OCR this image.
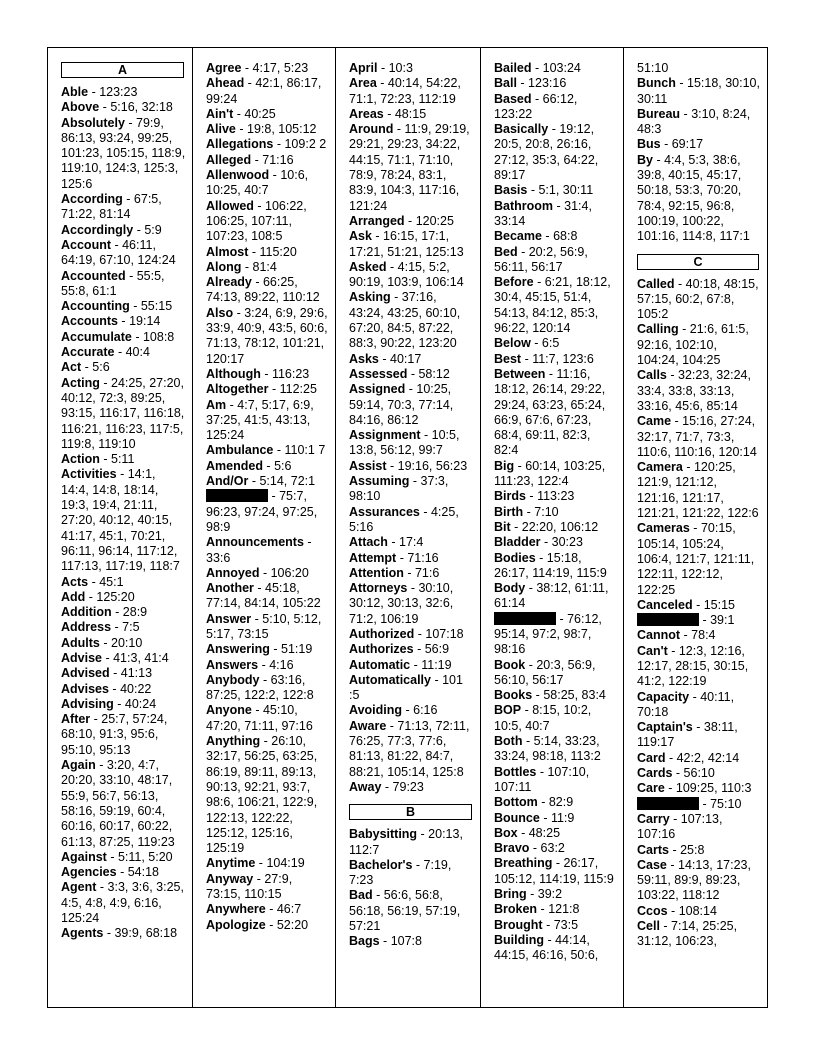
A
Able - 123:23
Above - 5:16, 32:18
Absolutely - 79:9, 86:13, 93:24, 99:25, 101:23, 105:15, 118:9, 119:10, 124:3, 125:3, 125:6
According - 67:5, 71:22, 81:14
Accordingly - 5:9
Account - 46:11, 64:19, 67:10, 124:24
Accounted - 55:5, 55:8, 61:1
Accounting - 55:15
Accounts - 19:14
Accumulate - 108:8
Accurate - 40:4
Act - 5:6
Acting - 24:25, 27:20, 40:12, 72:3, 89:25, 93:15, 116:17, 116:18, 116:21, 116:23, 117:5, 119:8, 119:10
Action - 5:11
Activities - 14:1, 14:4, 14:8, 18:14, 19:3, 19:4, 21:11, 27:20, 40:12, 40:15, 41:17, 45:1, 70:21, 96:11, 96:14, 117:12, 117:13, 117:19, 118:7
Acts - 45:1
Add - 125:20
Addition - 28:9
Address - 7:5
Adults - 20:10
Advise - 41:3, 41:4
Advised - 41:13
Advises - 40:22
Advising - 40:24
After - 25:7, 57:24, 68:10, 91:3, 95:6, 95:10, 95:13
Again - 3:20, 4:7, 20:20, 33:10, 48:17, 55:9, 56:7, 56:13, 58:16, 59:19, 60:4, 60:16, 60:17, 60:22, 61:13, 87:25, 119:23
Against - 5:11, 5:20
Agencies - 54:18
Agent - 3:3, 3:6, 3:25, 4:5, 4:8, 4:9, 6:16, 125:24
Agents - 39:9, 68:18
Agree - 4:17, 5:23
Ahead - 42:1, 86:17, 99:24
Ain't - 40:25
Alive - 19:8, 105:12
Allegations - 109:2 2
Alleged - 71:16
Allenwood - 10:6, 10:25, 40:7
Allowed - 106:22, 106:25, 107:11, 107:23, 108:5
Almost - 115:20
Along - 81:4
Already - 66:25, 74:13, 89:22, 110:12
Also - 3:24, 6:9, 29:6, 33:9, 40:9, 43:5, 60:6, 71:13, 78:12, 101:21, 120:17
Although - 116:23
Altogether - 112:25
Am - 4:7, 5:17, 6:9, 37:25, 41:5, 43:13, 125:24
Ambulance - 110:1 7
Amended - 5:6
And/Or - 5:14, 72:1
- 75:7, 96:23, 97:24, 97:25, 98:9
Announcements - 33:6
Annoyed - 106:20
Another - 45:18, 77:14, 84:14, 105:22
Answer - 5:10, 5:12, 5:17, 73:15
Answering - 51:19
Answers - 4:16
Anybody - 63:16, 87:25, 122:2, 122:8
Anyone - 45:10, 47:20, 71:11, 97:16
Anything - 26:10, 32:17, 56:25, 63:25, 86:19, 89:11, 89:13, 90:13, 92:21, 93:7, 98:6, 106:21, 122:9, 122:13, 122:22, 125:12, 125:16, 125:19
Anytime - 104:19
Anyway - 27:9, 73:15, 110:15
Anywhere - 46:7
Apologize - 52:20
April - 10:3
Area - 40:14, 54:22, 71:1, 72:23, 112:19
Areas - 48:15
Around - 11:9, 29:19, 29:21, 29:23, 34:22, 44:15, 71:1, 71:10, 78:9, 78:24, 83:1, 83:9, 104:3, 117:16, 121:24
Arranged - 120:25
Ask - 16:15, 17:1, 17:21, 51:21, 125:13
Asked - 4:15, 5:2, 90:19, 103:9, 106:14
Asking - 37:16, 43:24, 43:25, 60:10, 67:20, 84:5, 87:22, 88:3, 90:22, 123:20
Asks - 40:17
Assessed - 58:12
Assigned - 10:25, 59:14, 70:3, 77:14, 84:16, 86:12
Assignment - 10:5, 13:8, 56:12, 99:7
Assist - 19:16, 56:23
Assuming - 37:3, 98:10
Assurances - 4:25, 5:16
Attach - 17:4
Attempt - 71:16
Attention - 71:6
Attorneys - 30:10, 30:12, 30:13, 32:6, 71:2, 106:19
Authorized - 107:18
Authorizes - 56:9
Automatic - 11:19
Automatically - 101 :5
Avoiding - 6:16
Aware - 71:13, 72:11, 76:25, 77:3, 77:6, 81:13, 81:22, 84:7, 88:21, 105:14, 125:8
Away - 79:23
B
Babysitting - 20:13, 112:7
Bachelor's - 7:19, 7:23
Bad - 56:6, 56:8, 56:18, 56:19, 57:19, 57:21
Bags - 107:8
Bailed - 103:24
Ball - 123:16
Based - 66:12, 123:22
Basically - 19:12, 20:5, 20:8, 26:16, 27:12, 35:3, 64:22, 89:17
Basis - 5:1, 30:11
Bathroom - 31:4, 33:14
Became - 68:8
Bed - 20:2, 56:9, 56:11, 56:17
Before - 6:21, 18:12, 30:4, 45:15, 51:4, 54:13, 84:12, 85:3, 96:22, 120:14
Below - 6:5
Best - 11:7, 123:6
Between - 11:16, 18:12, 26:14, 29:22, 29:24, 63:23, 65:24, 66:9, 67:6, 67:23, 68:4, 69:11, 82:3, 82:4
Big - 60:14, 103:25, 111:23, 122:4
Birds - 113:23
Birth - 7:10
Bit - 22:20, 106:12
Bladder - 30:23
Bodies - 15:18, 26:17, 114:19, 115:9
Body - 38:12, 61:11, 61:14
- 76:12, 95:14, 97:2, 98:7, 98:16
Book - 20:3, 56:9, 56:10, 56:17
Books - 58:25, 83:4
BOP - 8:15, 10:2, 10:5, 40:7
Both - 5:14, 33:23, 33:24, 98:18, 113:2
Bottles - 107:10, 107:11
Bottom - 82:9
Bounce - 11:9
Box - 48:25
Bravo - 63:2
Breathing - 26:17, 105:12, 114:19, 115:9
Bring - 39:2
Broken - 121:8
Brought - 73:5
Building - 44:14, 44:15, 46:16, 50:6,
51:10
Bunch - 15:18, 30:10, 30:11
Bureau - 3:10, 8:24, 48:3
Bus - 69:17
By - 4:4, 5:3, 38:6, 39:8, 40:15, 45:17, 50:18, 53:3, 70:20, 78:4, 92:15, 96:8, 100:19, 100:22, 101:16, 114:8, 117:1
C
Called - 40:18, 48:15, 57:15, 60:2, 67:8, 105:2
Calling - 21:6, 61:5, 92:16, 102:10, 104:24, 104:25
Calls - 32:23, 32:24, 33:4, 33:8, 33:13, 33:16, 45:6, 85:14
Came - 15:16, 27:24, 32:17, 71:7, 73:3, 110:6, 110:16, 120:14
Camera - 120:25, 121:9, 121:12, 121:16, 121:17, 121:21, 121:22, 122:6
Cameras - 70:15, 105:14, 105:24, 106:4, 121:7, 121:11, 122:11, 122:12, 122:25
Canceled - 15:15
- 39:1
Cannot - 78:4
Can't - 12:3, 12:16, 12:17, 28:15, 30:15, 41:2, 122:19
Capacity - 40:11, 70:18
Captain's - 38:11, 119:17
Card - 42:2, 42:14
Cards - 56:10
Care - 109:25, 110:3
- 75:10
Carry - 107:13, 107:16
Carts - 25:8
Case - 14:13, 17:23, 59:11, 89:9, 89:23, 103:22, 118:12
Ccos - 108:14
Cell - 7:14, 25:25, 31:12, 106:23,
